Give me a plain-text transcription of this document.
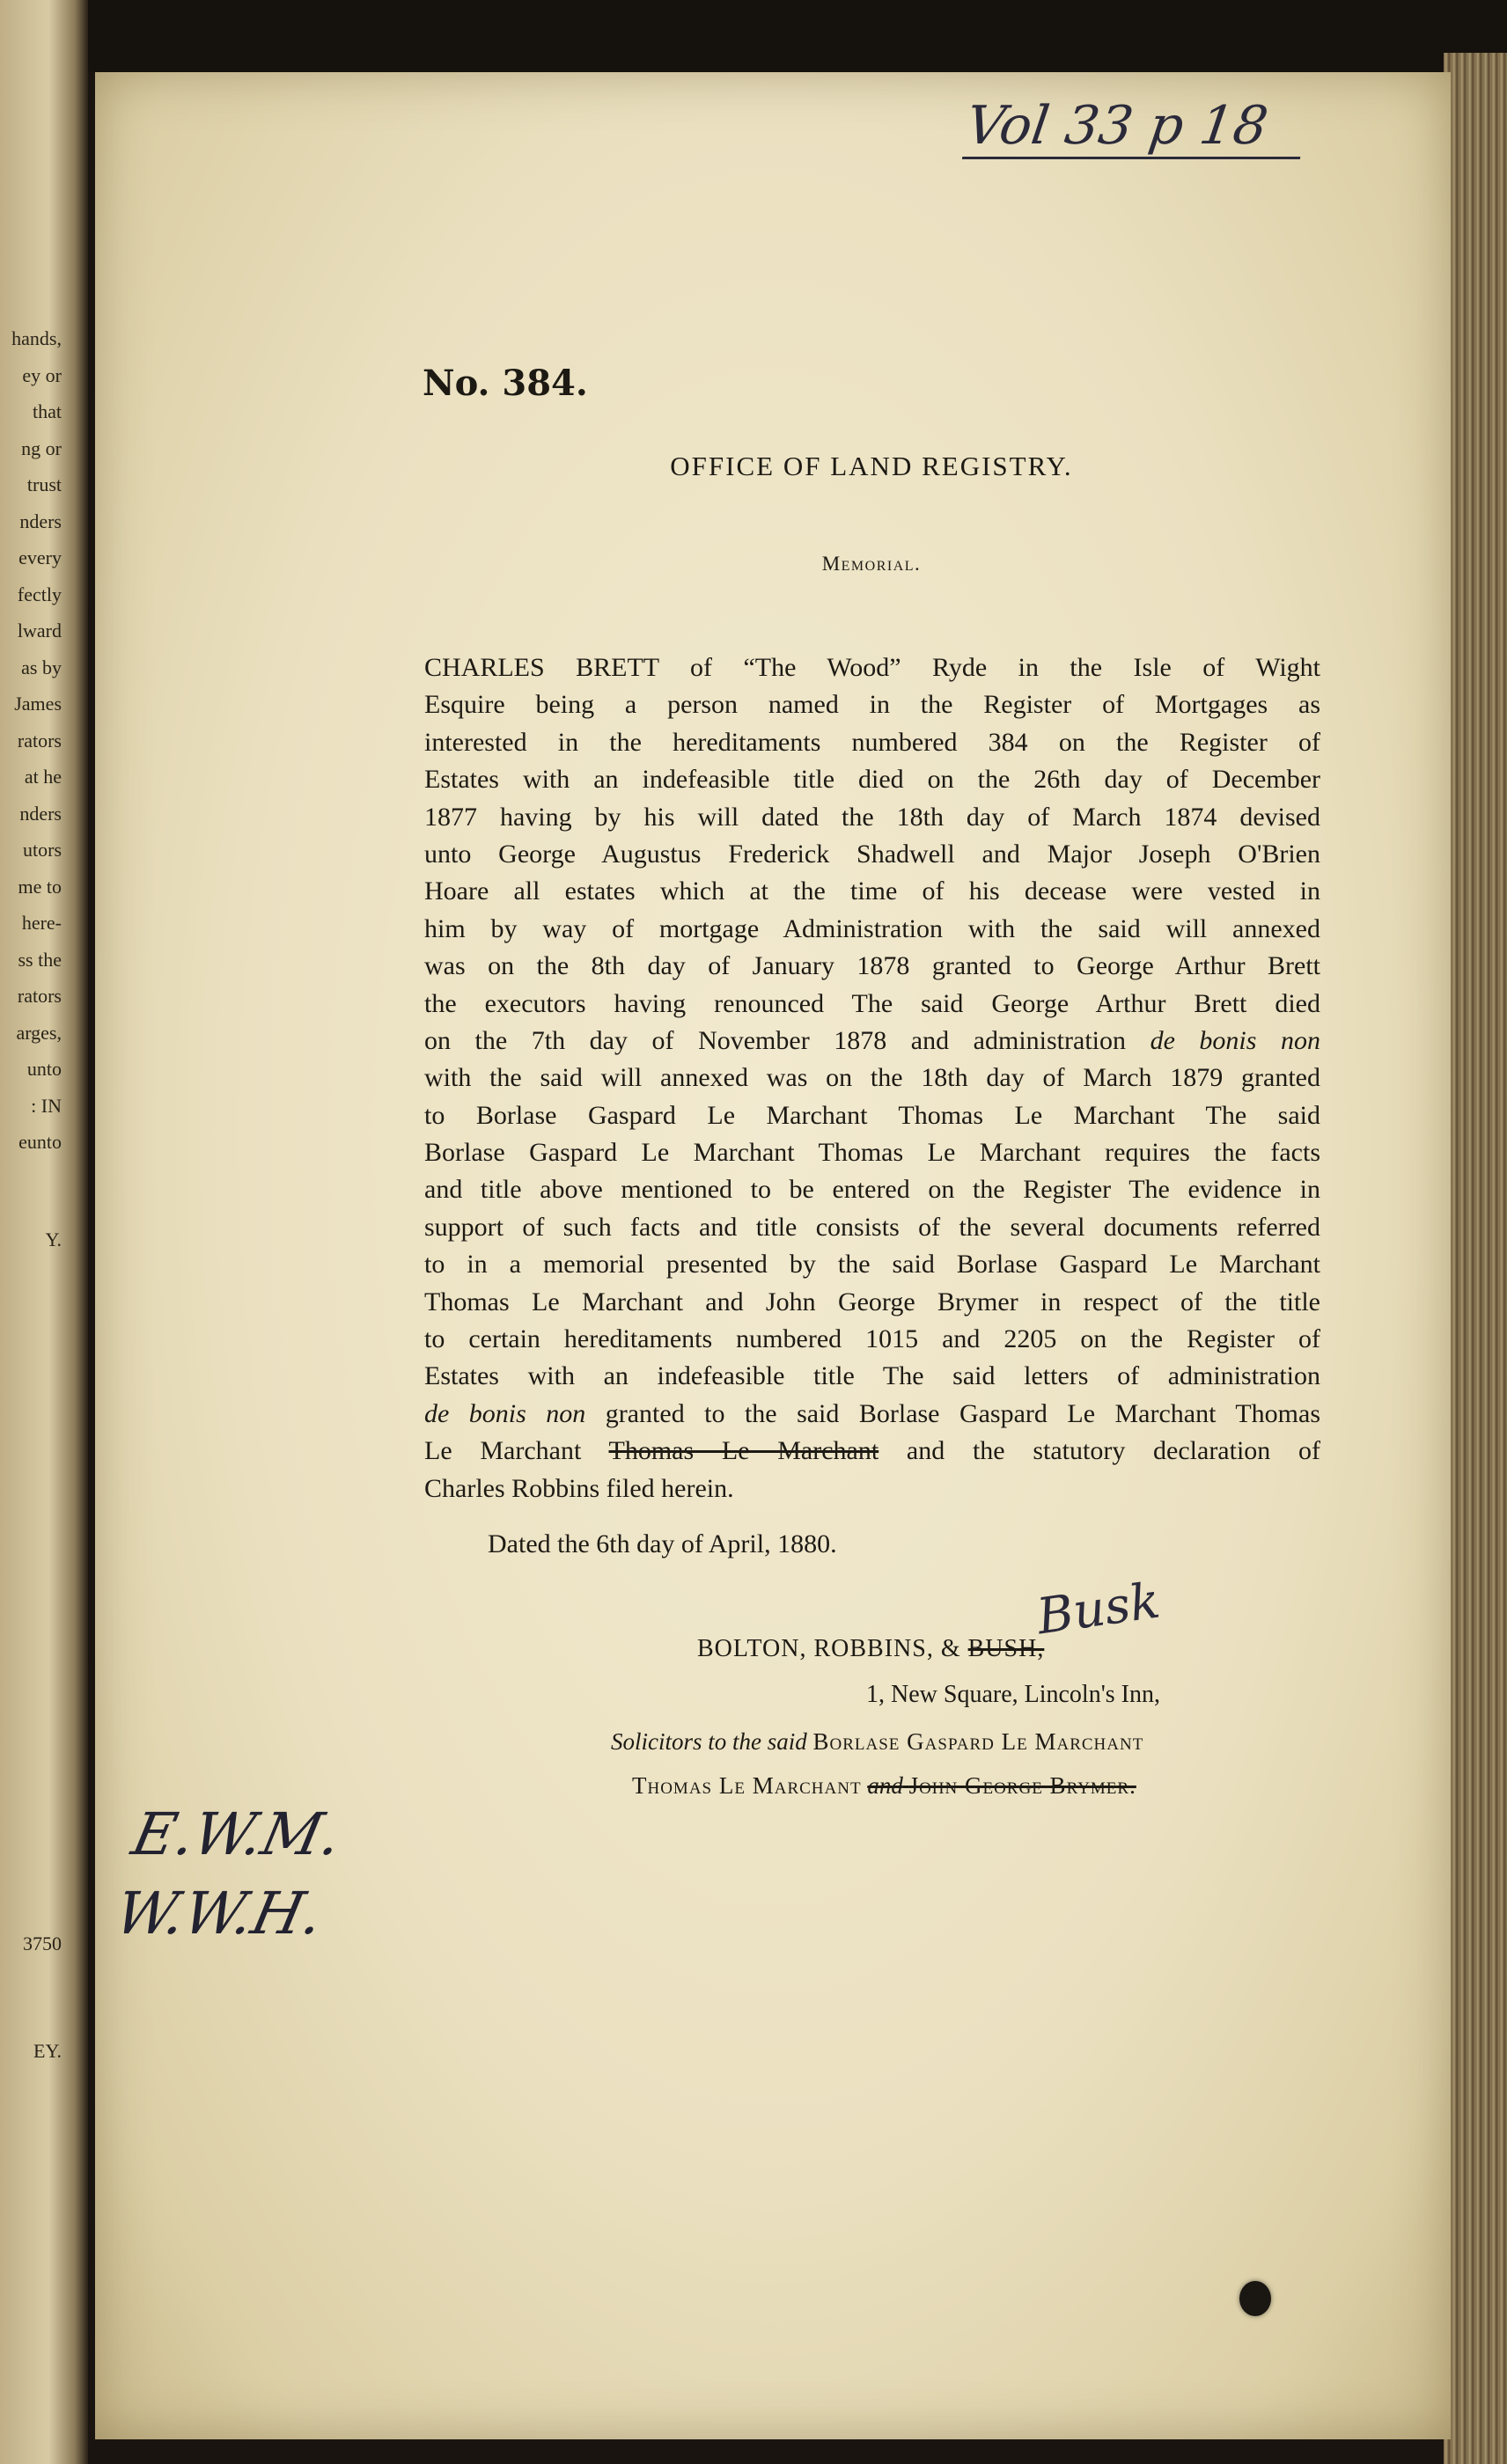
hands,
ey or
that
ng or
trust
nders
every
fectly
lward
as by
James
rators
at he
nders
utors
me to
here-
ss the
rators
arges,
unto
: IN
eunto
Y.
3750
EY.
Vol 33 p 18
No. 384.
OFFICE OF LAND REGISTRY.
Memorial.
CHARLES BRETT of “The Wood” Ryde in the Isle of Wight
Esquire being a person named in the Register of Mortgages as
interested in the hereditaments numbered 384 on the Register of
Estates with an indefeasible title died on the 26th day of December
1877 having by his will dated the 18th day of March 1874 devised
unto George Augustus Frederick Shadwell and Major Joseph O'Brien
Hoare all estates which at the time of his decease were vested in
him by way of mortgage Administration with the said will annexed
was on the 8th day of January 1878 granted to George Arthur Brett
the executors having renounced The said George Arthur Brett died
on the 7th day of November 1878 and administration de bonis non
with the said will annexed was on the 18th day of March 1879 granted
to Borlase Gaspard Le Marchant Thomas Le Marchant The said
Borlase Gaspard Le Marchant Thomas Le Marchant requires the facts
and title above mentioned to be entered on the Register The evidence in
support of such facts and title consists of the several documents referred
to in a memorial presented by the said Borlase Gaspard Le Marchant
Thomas Le Marchant and John George Brymer in respect of the title
to certain hereditaments numbered 1015 and 2205 on the Register of
Estates with an indefeasible title The said letters of administration
de bonis non granted to the said Borlase Gaspard Le Marchant Thomas
Le Marchant Thomas Le Marchant and the statutory declaration of
Charles Robbins filed herein.
Dated the 6th day of April, 1880.
Busk
BOLTON, ROBBINS, & BUSH,
1, New Square, Lincoln's Inn,
Solicitors to the said Borlase Gaspard Le Marchant
Thomas Le Marchant and John George Brymer.
E.W.M.
W.W.H.
